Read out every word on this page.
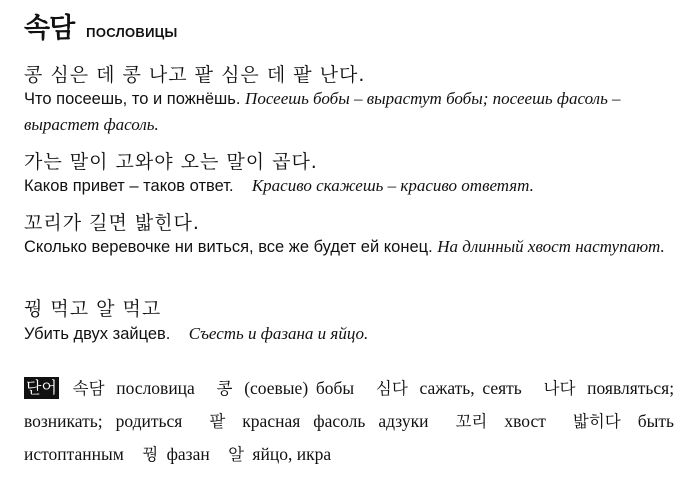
속담 ПОСЛОВИЦЫ
콩 심은 데 콩 나고 팥 심은 데 팥 난다.
Что посеешь, то и пожнёшь. Посеешь бобы – вырастут бобы; посеешь фасоль – вырастет фасоль.
가는 말이 고와야 오는 말이 곱다.
Каков привет – таков ответ. Красиво скажешь – красиво ответят.
꼬리가 길면 밟힌다.
Сколько веревочке ни виться, все же будет ей конец. На длинный хвост наступают.
꿩 먹고 알 먹고
Убить двух зайцев. Съесть и фазана и яйцо.
단어 속담 пословица 콩 (соевые) бобы 심다 сажать, сеять 나다 появляться; возникать; родиться 팥 красная фасоль адзуки 꼬리 хвост 밟히다 быть истоптанным 꿩 фазан 알 яйцо, икра
